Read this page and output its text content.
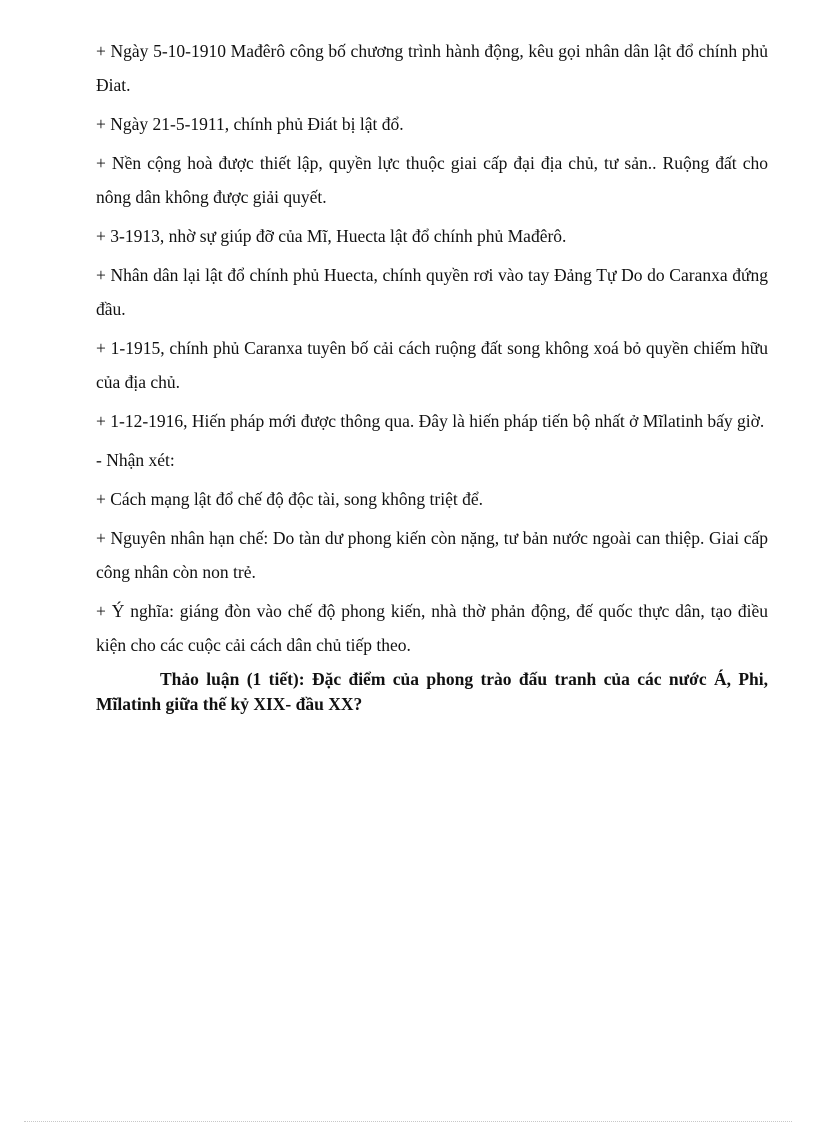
+ Ngày 5-10-1910 Mađêrô công bố chương trình hành động, kêu gọi nhân dân lật đổ chính phủ Điat.

+ Ngày 21-5-1911, chính phủ Điát bị lật đổ.

+ Nền cộng hoà được thiết lập, quyền lực thuộc giai cấp đại địa chủ, tư sản.. Ruộng đất cho nông dân không được giải quyết.

+ 3-1913, nhờ sự giúp đỡ của Mĩ, Huecta lật đổ chính phủ Mađêrô.

+ Nhân dân lại lật đổ chính phủ Huecta, chính quyền rơi vào tay Đảng Tự Do do Caranxa đứng đầu.

+ 1-1915, chính phủ Caranxa tuyên bố cải cách ruộng đất song không xoá bỏ quyền chiếm hữu của địa chủ.

+ 1-12-1916, Hiến pháp mới được thông qua. Đây là hiến pháp tiến bộ nhất ở Mĩlatinh bấy giờ.

- Nhận xét:

+ Cách mạng lật đổ chế độ độc tài, song không triệt để.

+ Nguyên nhân hạn chế: Do tàn dư phong kiến còn nặng, tư bản nước ngoài can thiệp. Giai cấp công nhân còn non trẻ.

+ Ý nghĩa: giáng đòn vào chế độ phong kiến, nhà thờ phản động, đế quốc thực dân, tạo điều kiện cho các cuộc cải cách dân chủ tiếp theo.

Thảo luận (1 tiết): Đặc điểm của phong trào đấu tranh của các nước Á, Phi, Mĩlatinh giữa thế kỷ XIX- đầu XX?
